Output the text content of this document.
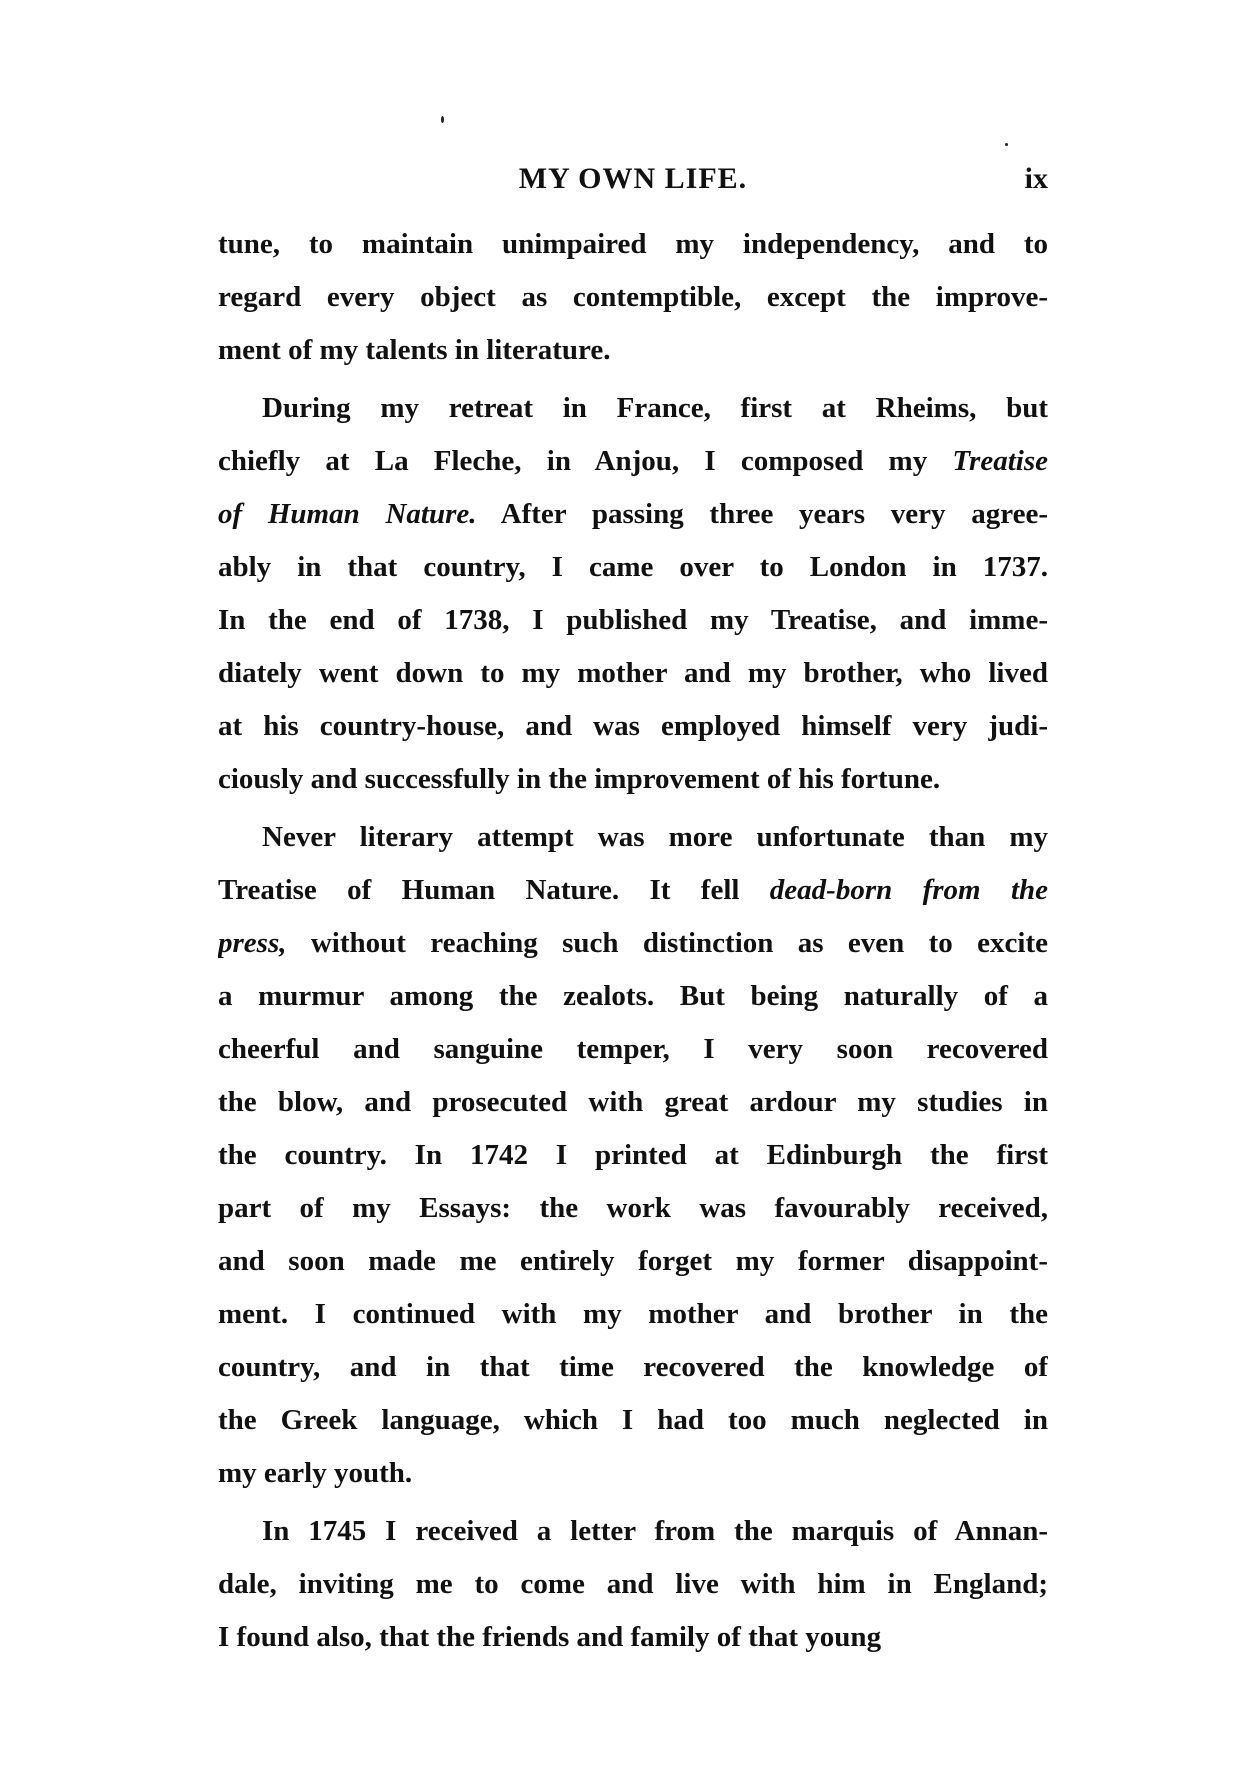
MY OWN LIFE.	ix
tune, to maintain unimpaired my independency, and to
regard every object as contemptible, except the improve-
ment of my talents in literature.
During my retreat in France, first at Rheims, but
chiefly at La Fleche, in Anjou, I composed my Treatise
of Human Nature. After passing three years very agree-
ably in that country, I came over to London in 1737.
In the end of 1738, I published my Treatise, and imme-
diately went down to my mother and my brother, who lived
at his country-house, and was employed himself very judi-
ciously and successfully in the improvement of his fortune.
Never literary attempt was more unfortunate than my
Treatise of Human Nature. It fell dead-born from the
press, without reaching such distinction as even to excite
a murmur among the zealots. But being naturally of a
cheerful and sanguine temper, I very soon recovered
the blow, and prosecuted with great ardour my studies in
the country. In 1742 I printed at Edinburgh the first
part of my Essays: the work was favourably received,
and soon made me entirely forget my former disappoint-
ment. I continued with my mother and brother in the
country, and in that time recovered the knowledge of
the Greek language, which I had too much neglected in
my early youth.
In 1745 I received a letter from the marquis of Annan-
dale, inviting me to come and live with him in England;
I found also, that the friends and family of that young
